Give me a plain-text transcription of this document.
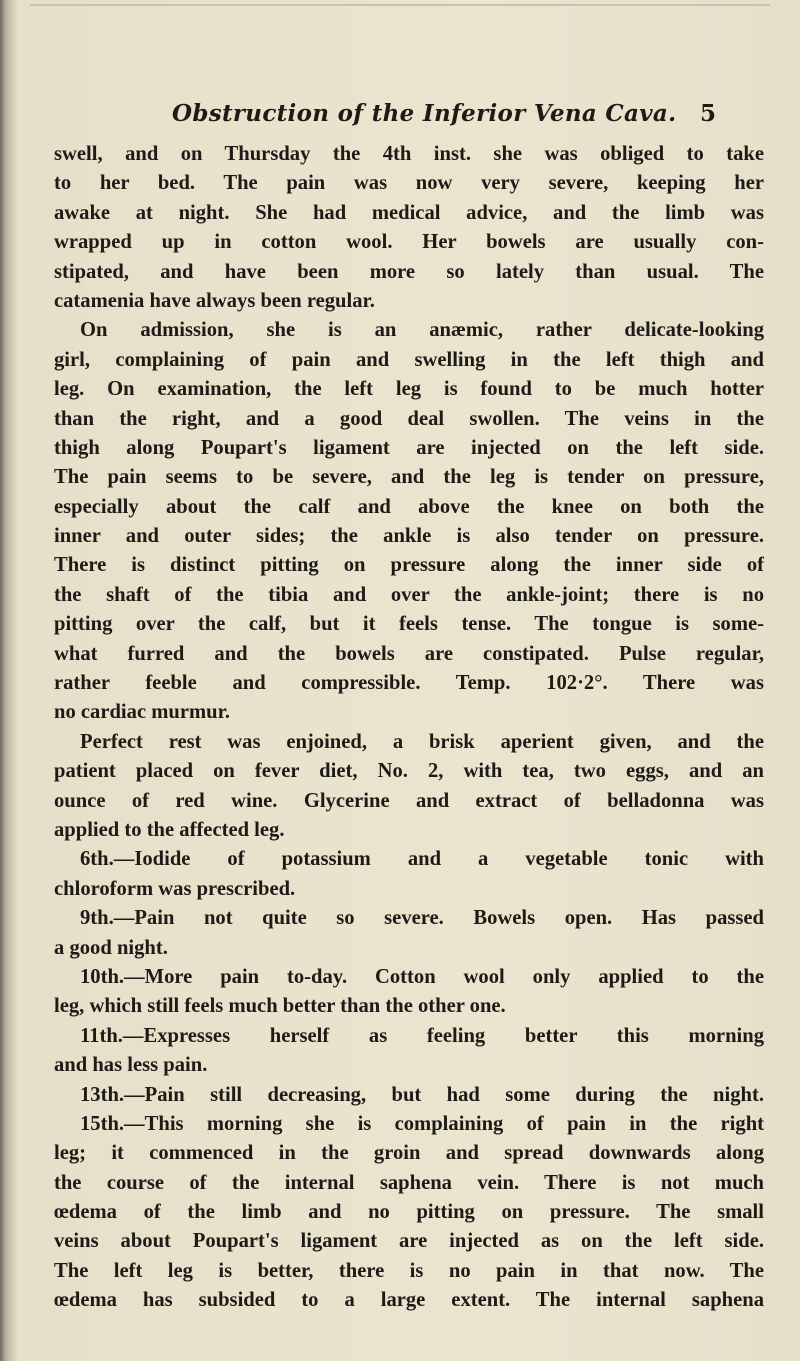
Obstruction of the Inferior Vena Cava. 5
swell, and on Thursday the 4th inst. she was obliged to take
to her bed. The pain was now very severe, keeping her
awake at night. She had medical advice, and the limb was
wrapped up in cotton wool. Her bowels are usually con-
stipated, and have been more so lately than usual. The
catamenia have always been regular.
On admission, she is an anæmic, rather delicate-looking
girl, complaining of pain and swelling in the left thigh and
leg. On examination, the left leg is found to be much hotter
than the right, and a good deal swollen. The veins in the
thigh along Poupart's ligament are injected on the left side.
The pain seems to be severe, and the leg is tender on pressure,
especially about the calf and above the knee on both the
inner and outer sides; the ankle is also tender on pressure.
There is distinct pitting on pressure along the inner side of
the shaft of the tibia and over the ankle-joint; there is no
pitting over the calf, but it feels tense. The tongue is some-
what furred and the bowels are constipated. Pulse regular,
rather feeble and compressible. Temp. 102·2°. There was
no cardiac murmur.
Perfect rest was enjoined, a brisk aperient given, and the
patient placed on fever diet, No. 2, with tea, two eggs, and an
ounce of red wine. Glycerine and extract of belladonna was
applied to the affected leg.
6th.—Iodide of potassium and a vegetable tonic with
chloroform was prescribed.
9th.—Pain not quite so severe. Bowels open. Has passed
a good night.
10th.—More pain to-day. Cotton wool only applied to the
leg, which still feels much better than the other one.
11th.—Expresses herself as feeling better this morning
and has less pain.
13th.—Pain still decreasing, but had some during the night.
15th.—This morning she is complaining of pain in the right
leg; it commenced in the groin and spread downwards along
the course of the internal saphena vein. There is not much
œdema of the limb and no pitting on pressure. The small
veins about Poupart's ligament are injected as on the left side.
The left leg is better, there is no pain in that now. The
œdema has subsided to a large extent. The internal saphena
